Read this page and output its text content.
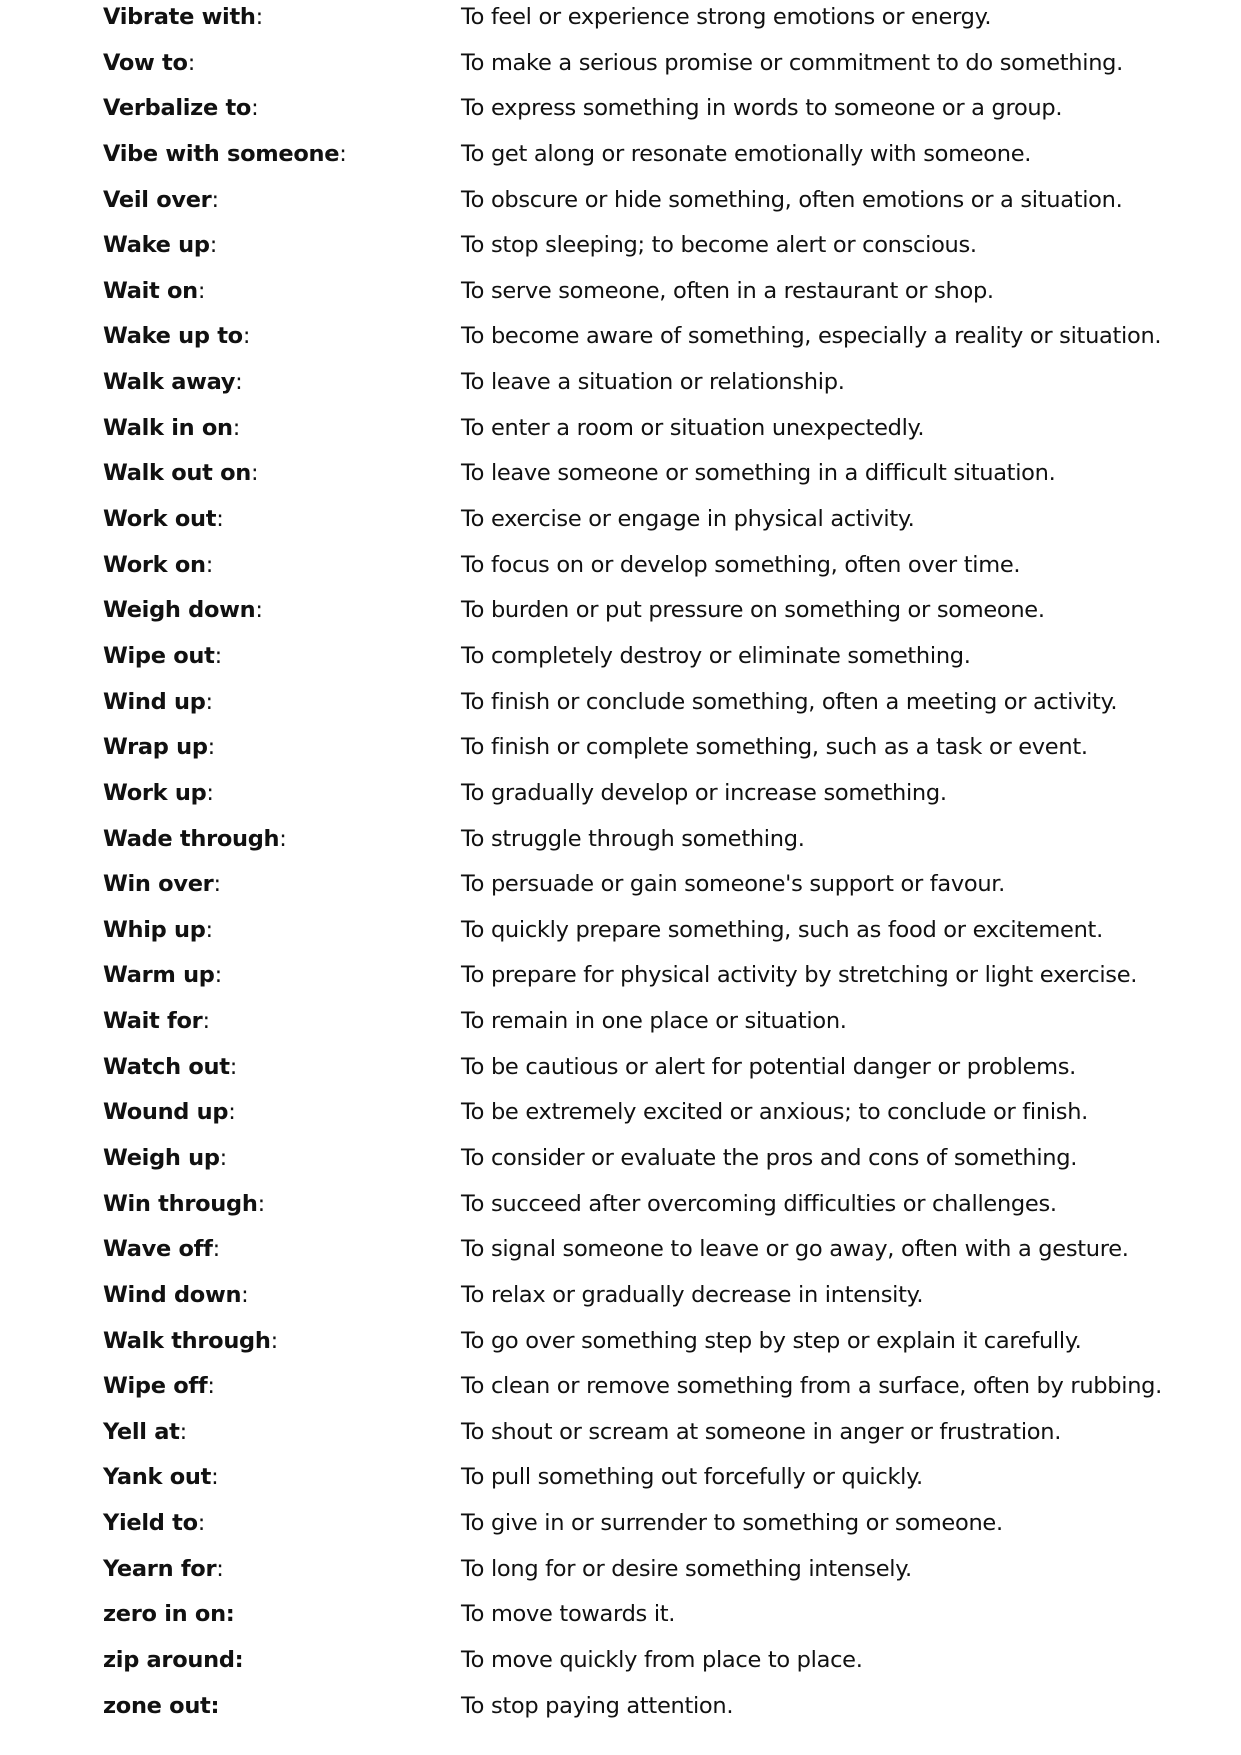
Vibrate with:	To feel or experience strong emotions or energy.
Vow to:	To make a serious promise or commitment to do something.
Verbalize to:	To express something in words to someone or a group.
Vibe with someone:	To get along or resonate emotionally with someone.
Veil over:	To obscure or hide something, often emotions or a situation.
Wake up:	To stop sleeping; to become alert or conscious.
Wait on:	To serve someone, often in a restaurant or shop.
Wake up to:	To become aware of something, especially a reality or situation.
Walk away:	To leave a situation or relationship.
Walk in on:	To enter a room or situation unexpectedly.
Walk out on:	To leave someone or something in a difficult situation.
Work out:	To exercise or engage in physical activity.
Work on:	To focus on or develop something, often over time.
Weigh down:	To burden or put pressure on something or someone.
Wipe out:	To completely destroy or eliminate something.
Wind up:	To finish or conclude something, often a meeting or activity.
Wrap up:	To finish or complete something, such as a task or event.
Work up:	To gradually develop or increase something.
Wade through:	To struggle through something.
Win over:	To persuade or gain someone's support or favour.
Whip up:	To quickly prepare something, such as food or excitement.
Warm up:	To prepare for physical activity by stretching or light exercise.
Wait for:	To remain in one place or situation.
Watch out:	To be cautious or alert for potential danger or problems.
Wound up:	To be extremely excited or anxious; to conclude or finish.
Weigh up:	To consider or evaluate the pros and cons of something.
Win through:	To succeed after overcoming difficulties or challenges.
Wave off:	To signal someone to leave or go away, often with a gesture.
Wind down:	To relax or gradually decrease in intensity.
Walk through:	To go over something step by step or explain it carefully.
Wipe off:	To clean or remove something from a surface, often by rubbing.
Yell at:	To shout or scream at someone in anger or frustration.
Yank out:	To pull something out forcefully or quickly.
Yield to:	To give in or surrender to something or someone.
Yearn for:	To long for or desire something intensely.
zero in on:	To move towards it.
zip around:	To move quickly from place to place.
zone out:	To stop paying attention.
